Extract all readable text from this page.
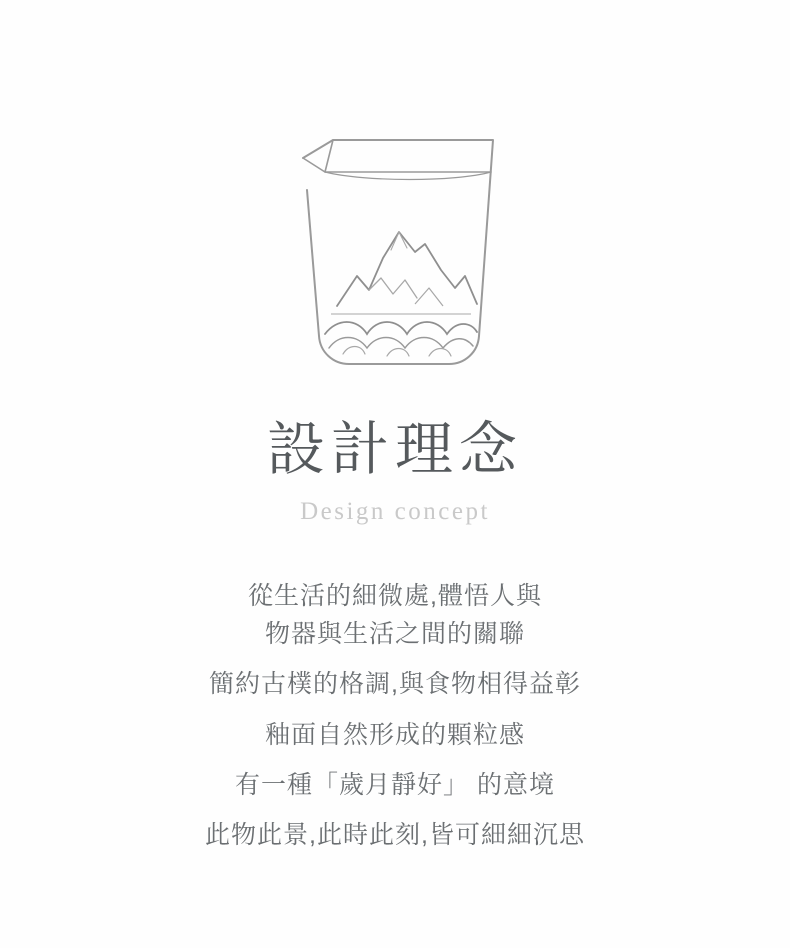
設計理念
Design concept
從生活的細微處,體悟人與
物器與生活之間的關聯
簡約古樸的格調,與食物相得益彰
釉面自然形成的顆粒感
有一種「歲月靜好」 的意境
此物此景,此時此刻,皆可細細沉思
